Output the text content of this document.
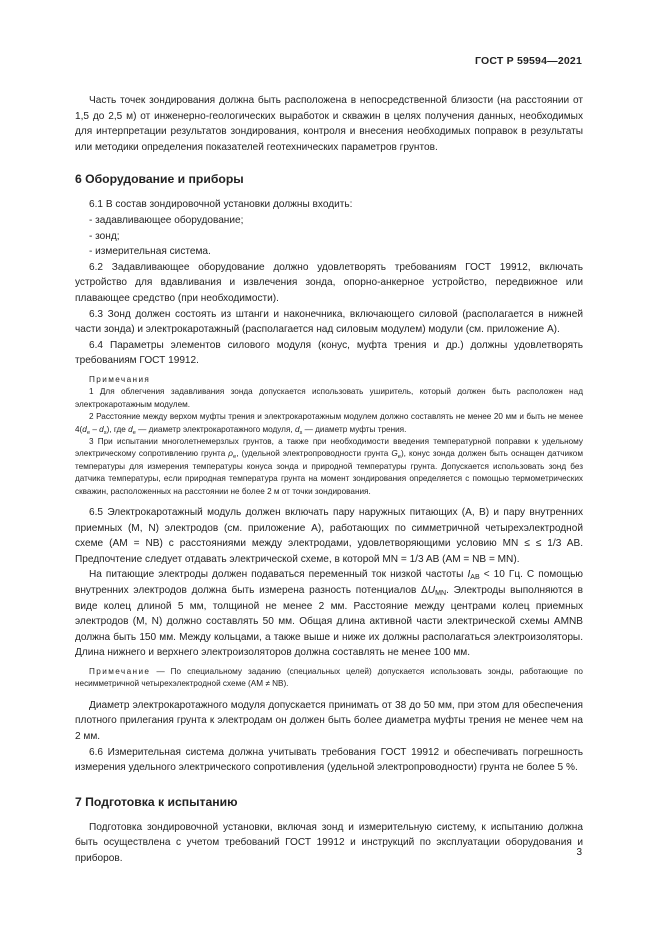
ГОСТ Р 59594—2021

Часть точек зондирования должна быть расположена в непосредственной близости (на расстоянии от 1,5 до 2,5 м) от инженерно-геологических выработок и скважин в целях получения данных, необходимых для интерпретации результатов зондирования, контроля и внесения необходимых поправок в результаты или методики определения показателей геотехнических параметров грунтов.

6 Оборудование и приборы

6.1 В состав зондировочной установки должны входить:

- задавливающее оборудование;

- зонд;

- измерительная система.

6.2 Задавливающее оборудование должно удовлетворять требованиям ГОСТ 19912, включать устройство для вдавливания и извлечения зонда, опорно-анкерное устройство, передвижное или плавающее средство (при необходимости).

6.3 Зонд должен состоять из штанги и наконечника, включающего силовой (располагается в нижней части зонда) и электрокаротажный (располагается над силовым модулем) модули (см. приложение А).

6.4 Параметры элементов силового модуля (конус, муфта трения и др.) должны удовлетворять требованиям ГОСТ 19912.

Примечания

1 Для облегчения задавливания зонда допускается использовать уширитель, который должен быть расположен над электрокаротажным модулем.

2 Расстояние между верхом муфты трения и электрокаротажным модулем должно составлять не менее 20 мм и быть не менее $4(d_e - d_s)$, где $d_e$ — диаметр электрокаротажного модуля, $d_s$ — диаметр муфты трения.

3 При испытании многолетнемерзлых грунтов, а также при необходимости введения температурной поправки к удельному электрическому сопротивлению грунта $\rho_e$, (удельной электропроводности грунта $G_e$), конус зонда должен быть оснащен датчиком температуры для измерения температуры конуса зонда и природной температуры грунта. Допускается использовать зонд без датчика температуры, если природная температура грунта на момент зондирования определяется с помощью термометрических скважин, расположенных на расстоянии не более 2 м от точки зондирования.

6.5 Электрокаротажный модуль должен включать пару наружных питающих (A, B) и пару внутренних приемных (M, N) электродов (см. приложение А), работающих по симметричной четырехэлектродной схеме (AM = NB) с расстояниями между электродами, удовлетворяющими условию MN ≤ ≤ 1/3 AB. Предпочтение следует отдавать электрической схеме, в которой MN = 1/3 AB (AM = NB = MN).

На питающие электроды должен подаваться переменный ток низкой частоты $I_{AB} < 10$ Гц. С помощью внутренних электродов должна быть измерена разность потенциалов $\Delta U_{MN}$. Электроды выполняются в виде колец длиной 5 мм, толщиной не менее 2 мм. Расстояние между центрами колец приемных электродов (M, N) должно составлять 50 мм. Общая длина активной части электрической схемы AMNB должна быть 150 мм. Между кольцами, а также выше и ниже их должны располагаться электроизоляторы. Длина нижнего и верхнего электроизоляторов должна составлять не менее 100 мм.

Примечание — По специальному заданию (специальных целей) допускается использовать зонды, работающие по несимметричной четырехэлектродной схеме (AM ≠ NB).

Диаметр электрокаротажного модуля допускается принимать от 38 до 50 мм, при этом для обеспечения плотного прилегания грунта к электродам он должен быть более диаметра муфты трения не менее чем на 2 мм.

6.6 Измерительная система должна учитывать требования ГОСТ 19912 и обеспечивать погрешность измерения удельного электрического сопротивления (удельной электропроводности) грунта не более 5 %.

7 Подготовка к испытанию

Подготовка зондировочной установки, включая зонд и измерительную систему, к испытанию должна быть осуществлена с учетом требований ГОСТ 19912 и инструкций по эксплуатации оборудования и приборов.

3
